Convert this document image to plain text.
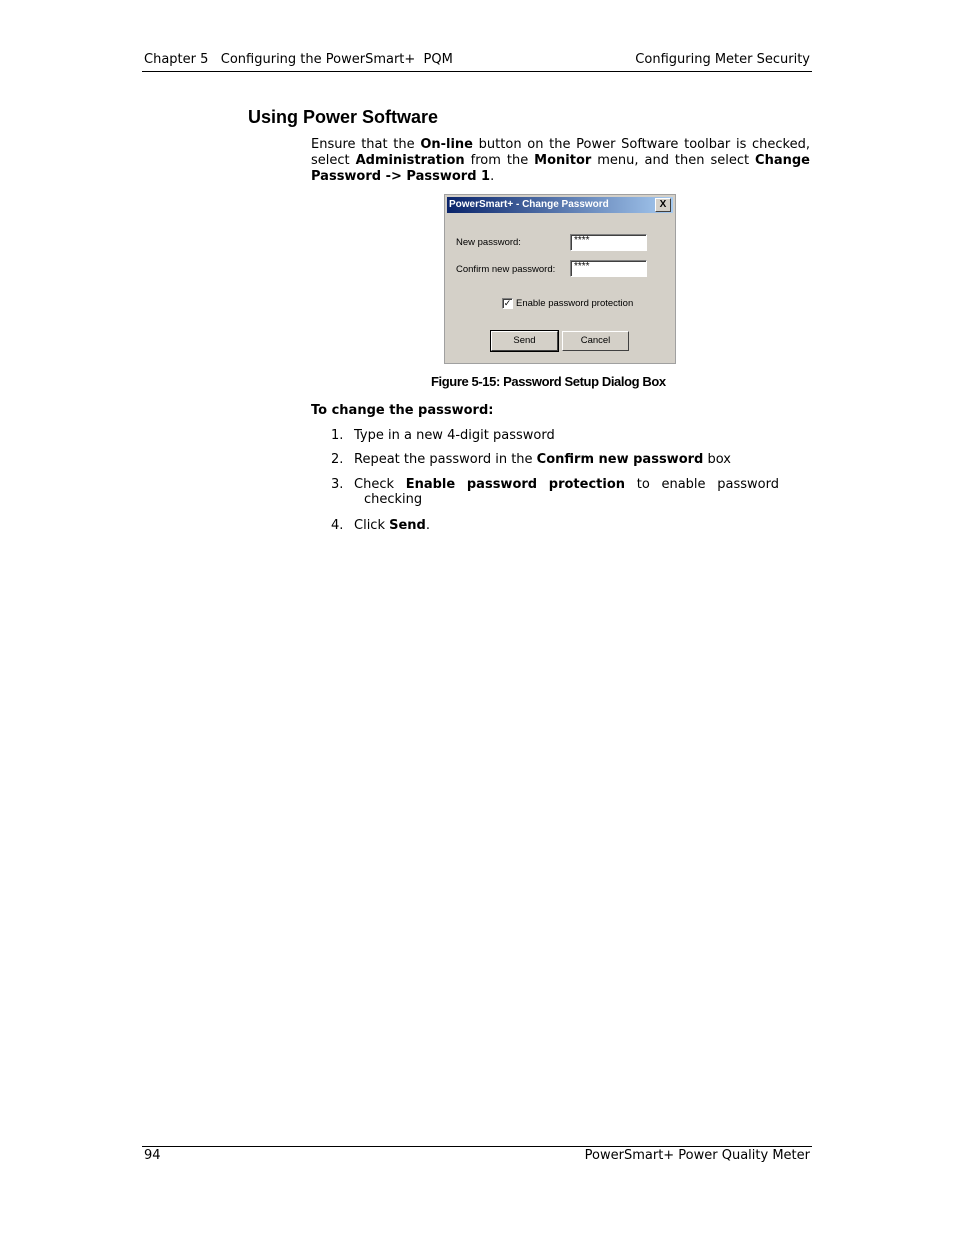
Chapter 5   Configuring the PowerSmart+  PQM	Configuring Meter Security
Using Power Software
Ensure that the On-line button on the Power Software toolbar is checked, select Administration from the Monitor menu, and then select Change Password -> Password 1.
PowerSmart+ - Change Password	X
New password:	****
Confirm new password:	****
✓ Enable password protection
Send	Cancel
Figure 5-15: Password Setup Dialog Box
To change the password:
1. Type in a new 4-digit password
2. Repeat the password in the Confirm new password box
3. Check Enable password protection to enable password
checking
4. Click Send.
94	PowerSmart+ Power Quality Meter
